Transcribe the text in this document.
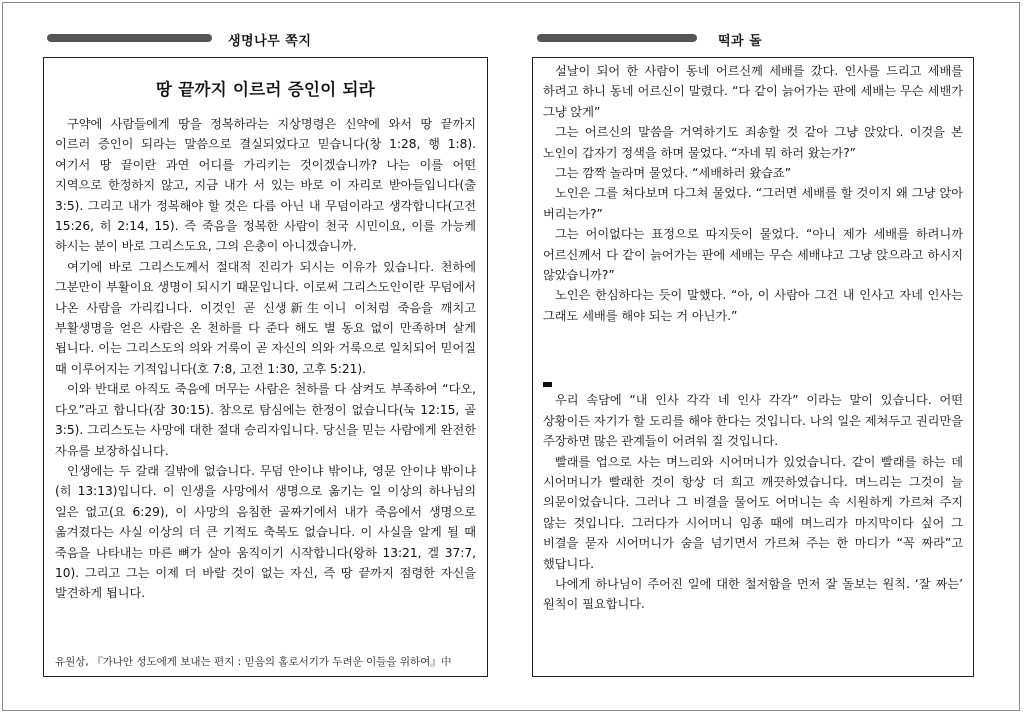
생명나무 쪽지	떡과 돌
땅 끝까지 이르러 증인이 되라

구약에 사람들에게 땅을 정복하라는 지상명령은 신약에 와서 땅 끝까지 이르러 증인이 되라는 말씀으로 결실되었다고 믿습니다(창 1:28, 행 1:8). 여기서 땅 끝이란 과연 어디를 가리키는 것이겠습니까? 나는 이를 어떤 지역으로 한정하지 않고, 지금 내가 서 있는 바로 이 자리로 받아들입니다(출 3:5). 그리고 내가 정복해야 할 것은 다름 아닌 내 무덤이라고 생각합니다(고전 15:26, 히 2:14, 15). 즉 죽음을 정복한 사람이 천국 시민이요, 이를 가능케 하시는 분이 바로 그리스도요, 그의 은총이 아니겠습니까.

여기에 바로 그리스도께서 절대적 진리가 되시는 이유가 있습니다. 천하에 그분만이 부활이요 생명이 되시기 때문입니다. 이로써 그리스도인이란 무덤에서 나온 사람을 가리킵니다. 이것인 곧 신생新生이니 이처럼 죽음을 깨치고 부활생명을 얻은 사람은 온 천하를 다 준다 해도 별 동요 없이 만족하며 살게 됩니다. 이는 그리스도의 의와 거룩이 곧 자신의 의와 거룩으로 일치되어 믿어질 때 이루어지는 기적입니다(호 7:8, 고전 1:30, 고후 5:21).

이와 반대로 아직도 죽음에 머무는 사람은 천하를 다 삼켜도 부족하여 “다오, 다오”라고 합니다(잠 30:15). 참으로 탐심에는 한정이 없습니다(눅 12:15, 골 3:5). 그리스도는 사망에 대한 절대 승리자입니다. 당신을 믿는 사람에게 완전한 자유를 보장하십니다.

인생에는 두 갈래 길밖에 없습니다. 무덤 안이냐 밖이냐, 영문 안이냐 밖이냐(히 13:13)입니다. 이 인생을 사망에서 생명으로 옮기는 일 이상의 하나님의 일은 없고(요 6:29), 이 사망의 음침한 골짜기에서 내가 죽음에서 생명으로 옮겨졌다는 사실 이상의 더 큰 기적도 축복도 없습니다. 이 사실을 알게 될 때 죽음을 나타내는 마른 뼈가 살아 움직이기 시작합니다(왕하 13:21, 겔 37:7, 10). 그리고 그는 이제 더 바랄 것이 없는 자신, 즉 땅 끝까지 점령한 자신을 발견하게 됩니다.

유원상, 『가나안 성도에게 보내는 편지 : 믿음의 홀로서기가 두려운 이들을 위하여』中

설날이 되어 한 사람이 동네 어르신께 세배를 갔다. 인사를 드리고 세배를 하려고 하니 동네 어르신이 말렸다. “다 같이 늙어가는 판에 세배는 무슨 세밴가 그냥 앉게”

그는 어르신의 말씀을 거역하기도 죄송할 것 같아 그냥 앉았다. 이것을 본 노인이 갑자기 정색을 하며 물었다. “자네 뭐 하러 왔는가?”

그는 깜짝 놀라며 물었다. “세배하러 왔습죠”

노인은 그를 쳐다보며 다그쳐 물었다. “그러면 세배를 할 것이지 왜 그냥 앉아 버리는가?”

그는 어이없다는 표정으로 따지듯이 물었다. “아니 제가 세배를 하려니까 어르신께서 다 같이 늙어가는 판에 세배는 무슨 세배냐고 그냥 앉으라고 하시지 않았습니까?”

노인은 한심하다는 듯이 말했다. “아, 이 사람아 그건 내 인사고 자네 인사는 그래도 세배를 해야 되는 거 아닌가.”

우리 속담에 “내 인사 각각 네 인사 각각” 이라는 말이 있습니다. 어떤 상황이든 자기가 할 도리를 해야 한다는 것입니다. 나의 일은 제쳐두고 권리만을 주장하면 많은 관계들이 어려워 질 것입니다.

빨래를 업으로 사는 며느리와 시어머니가 있었습니다. 같이 빨래를 하는 데 시어머니가 빨래한 것이 항상 더 희고 깨끗하였습니다. 며느리는 그것이 늘 의문이었습니다. 그러나 그 비결을 물어도 어머니는 속 시원하게 가르쳐 주지 않는 것입니다. 그러다가 시어머니 임종 때에 며느리가 마지막이다 싶어 그 비결을 묻자 시어머니가 숨을 넘기면서 가르쳐 주는 한 마디가 “꼭 짜라”고 했답니다.

나에게 하나님이 주어진 일에 대한 철저함을 먼저 잘 돌보는 원칙. ‘잘 짜는’ 원칙이 필요합니다.
